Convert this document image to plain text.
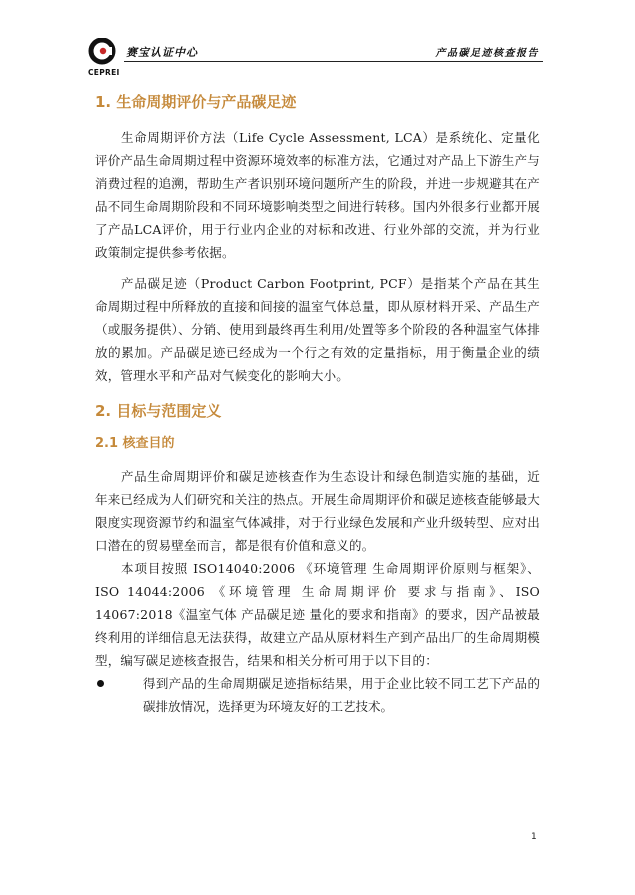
赛宝认证中心	产品碳足迹核查报告
CEPREI
1. 生命周期评价与产品碳足迹

生命周期评价方法（Life Cycle Assessment, LCA）是系统化、定量化评价产品生命周期过程中资源环境效率的标准方法，它通过对产品上下游生产与消费过程的追溯，帮助生产者识别环境问题所产生的阶段，并进一步规避其在产品不同生命周期阶段和不同环境影响类型之间进行转移。国内外很多行业都开展了产品LCA评价，用于行业内企业的对标和改进、行业外部的交流，并为行业政策制定提供参考依据。

产品碳足迹（Product Carbon Footprint, PCF）是指某个产品在其生命周期过程中所释放的直接和间接的温室气体总量，即从原材料开采、产品生产（或服务提供）、分销、使用到最终再生利用/处置等多个阶段的各种温室气体排放的累加。产品碳足迹已经成为一个行之有效的定量指标，用于衡量企业的绩效，管理水平和产品对气候变化的影响大小。

2. 目标与范围定义
2.1 核查目的

产品生命周期评价和碳足迹核查作为生态设计和绿色制造实施的基础，近年来已经成为人们研究和关注的热点。开展生命周期评价和碳足迹核查能够最大限度实现资源节约和温室气体减排，对于行业绿色发展和产业升级转型、应对出口潜在的贸易壁垒而言，都是很有价值和意义的。

本项目按照 ISO14040:2006 《环境管理 生命周期评价原则与框架》、ISO 14044:2006 《环境管理 生命周期评价 要求与指南》、ISO 14067:2018《温室气体 产品碳足迹 量化的要求和指南》的要求，因产品被最终利用的详细信息无法获得，故建立产品从原材料生产到产品出厂的生命周期模型，编写碳足迹核查报告，结果和相关分析可用于以下目的：

得到产品的生命周期碳足迹指标结果，用于企业比较不同工艺下产品的碳排放情况，选择更为环境友好的工艺技术。
1
